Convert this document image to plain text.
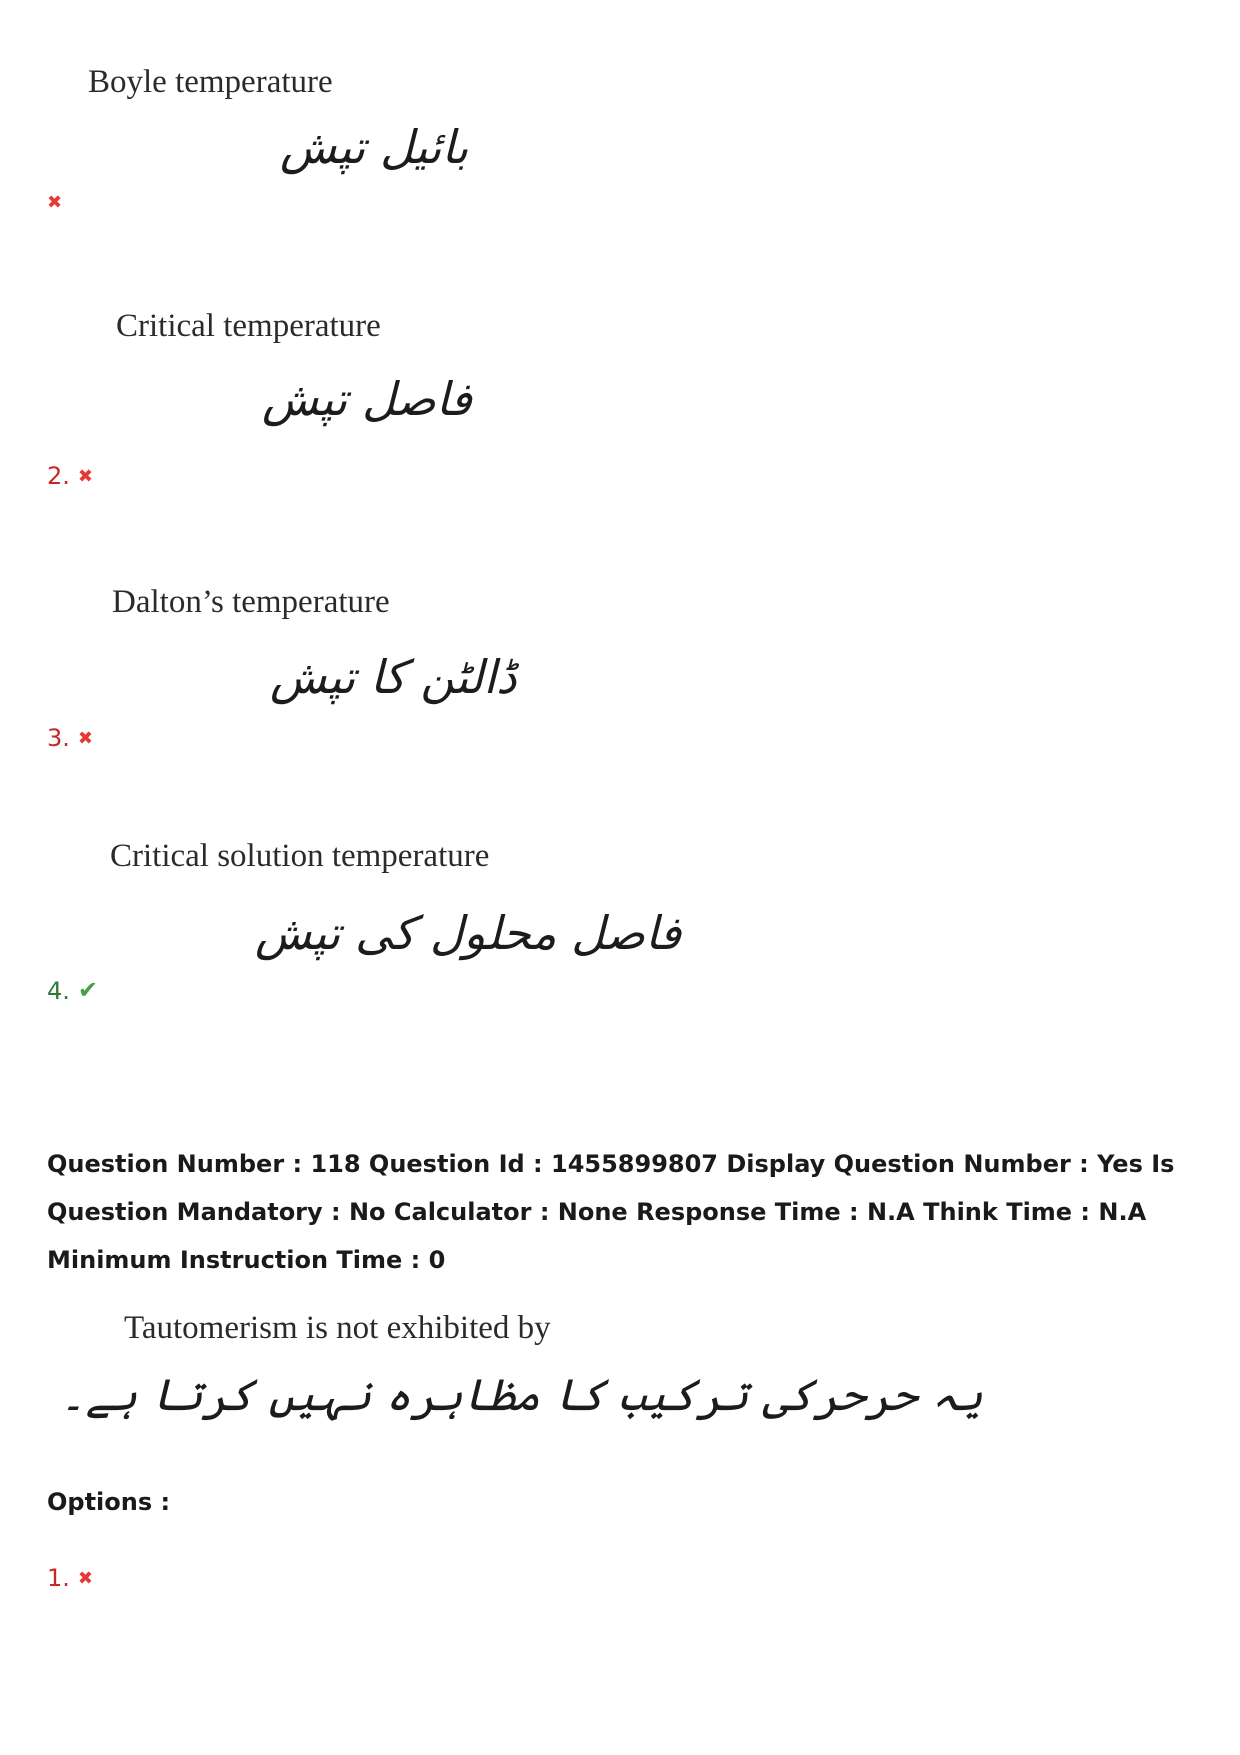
Boyle temperature
بائیل تپش
✖
Critical temperature
فاصل تپش
2. ✖
Dalton’s temperature
ڈالٹن کا تپش
3. ✖
Critical solution temperature
فاصل محلول کی تپش
4. ✔
Question Number : 118 Question Id : 1455899807 Display Question Number : Yes Is Question Mandatory : No Calculator : None Response Time : N.A Think Time : N.A Minimum Instruction Time : 0
Tautomerism is not exhibited by
یہ حرحرکی ترکیب کا مظاہرہ نہیں کرتا ہے۔
Options :
1. ✖
